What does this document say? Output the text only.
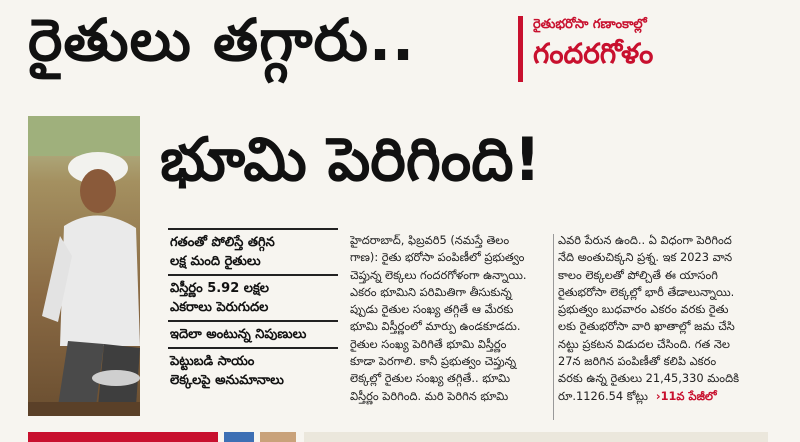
రైతులు తగ్గారు..	రైతుభరోసా గణాంకాల్లో
గందరగోళం
భూమి పెరిగింది!
గతంతో పోలిస్తే తగ్గిన
లక్ష మంది రైతులు
విస్తీర్ణం 5.92 లక్షల
ఎకరాలు పెరుగుదల
ఇదెలా అంటున్న నిపుణులు
పెట్టుబడి సాయం
లెక్కలపై అనుమానాలు

హైదరాబాద్, ఫిబ్రవరి5 (నమస్తే తెలం

గాణ): రైతు భరోసా పంపిణీలో ప్రభుత్వం

చెప్తున్న లెక్కలు గందరగోళంగా ఉన్నాయి.

ఎకరం భూమిని పరిమితిగా తీసుకున్న

ప్పుడు రైతుల సంఖ్య తగ్గితే ఆ మేరకు

భూమి విస్తీర్ణంలో మార్పు ఉండకూడదు.

రైతుల సంఖ్య పెరిగితే భూమి విస్తీర్ణం

కూడా పెరగాలి. కానీ ప్రభుత్వం చెప్తున్న

లెక్కల్లో రైతుల సంఖ్య తగ్గితే.. భూమి

విస్తీర్ణం పెరిగింది. మరి పెరిగిన భూమి

ఎవరి పేరున ఉంది.. ఏ విధంగా పెరిగింద

నేది అంతుచిక్కని ప్రశ్న. ఇక 2023 వాన

కాలం లెక్కలతో పోల్చితే ఈ యాసంగి

రైతుభరోసా లెక్కల్లో భారీ తేడాలున్నాయి.

ప్రభుత్వం బుధవారం ఎకరం వరకు రైతు

లకు రైతుభరోసా వారి ఖాతాల్లో జమ చేసి

నట్టు ప్రకటన విడుదల చేసింది. గత నెల

27న జరిగిన పంపిణీతో కలిపి ఎకరం

వరకు ఉన్న రైతులు 21,45,330 మందికి

రూ.1126.54 కోట్లు ›11వ పేజీలో
